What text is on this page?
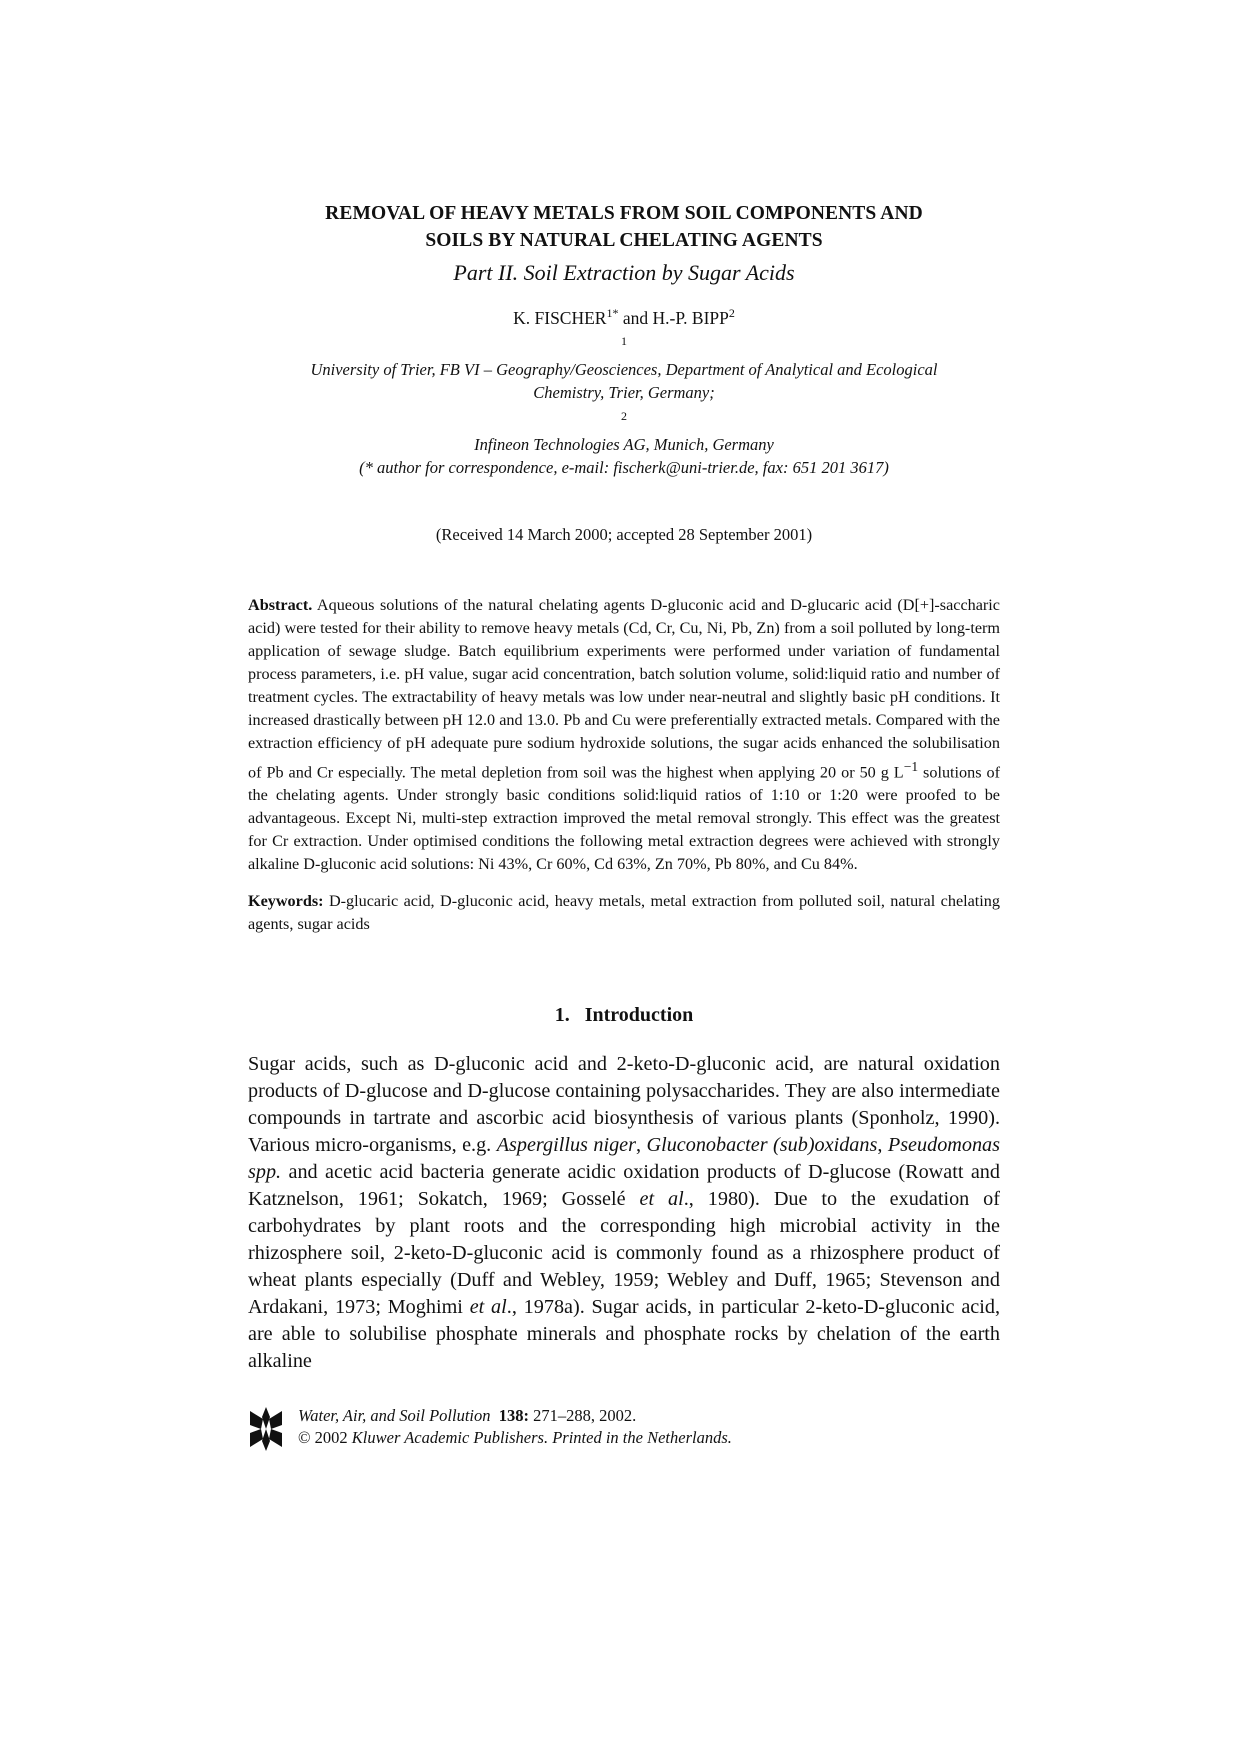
REMOVAL OF HEAVY METALS FROM SOIL COMPONENTS AND
SOILS BY NATURAL CHELATING AGENTS

Part II. Soil Extraction by Sugar Acids

K. $FISCHER^{1*}$ and H.-P. BIPP$^2$

$^1$
University of Trier, FB VI – Geography/Geosciences, Department of Analytical and Ecological
Chemistry, Trier, Germany;
$^2$
Infineon Technologies AG, Munich, Germany
(* author for correspondence, e-mail: fischerk@uni-trier.de, fax: 651 201 3617)

(Received 14 March 2000; accepted 28 September 2001)

Abstract. Aqueous solutions of the natural chelating agents D-gluconic acid and D-glucaric acid (D[+]-saccharic acid) were tested for their ability to remove heavy metals (Cd, Cr, Cu, Ni, Pb, Zn) from a soil polluted by long-term application of sewage sludge. Batch equilibrium experiments were performed under variation of fundamental process parameters, i.e. pH value, sugar acid concentration, batch solution volume, solid:liquid ratio and number of treatment cycles. The extractability of heavy metals was low under near-neutral and slightly basic pH conditions. It increased drastically between pH 12.0 and 13.0. Pb and Cu were preferentially extracted metals. Compared with the extraction efficiency of pH adequate pure sodium hydroxide solutions, the sugar acids enhanced the solubilisation of Pb and Cr especially. The metal depletion from soil was the highest when applying 20 or 50 g $L^{-1}$ solutions of the chelating agents. Under strongly basic conditions solid:liquid ratios of 1:10 or 1:20 were proofed to be advantageous. Except Ni, multi-step extraction improved the metal removal strongly. This effect was the greatest for Cr extraction. Under optimised conditions the following metal extraction degrees were achieved with strongly alkaline D-gluconic acid solutions: Ni 43%, Cr 60%, Cd 63%, Zn 70%, Pb 80%, and Cu 84%.

Keywords: D-glucaric acid, D-gluconic acid, heavy metals, metal extraction from polluted soil, natural chelating agents, sugar acids

1. Introduction

Sugar acids, such as D-gluconic acid and 2-keto-D-gluconic acid, are natural oxidation products of D-glucose and D-glucose containing polysaccharides. They are also intermediate compounds in tartrate and ascorbic acid biosynthesis of various plants (Sponholz, 1990). Various micro-organisms, e.g. Aspergillus niger, Gluconobacter (sub)oxidans, Pseudomonas spp. and acetic acid bacteria generate acidic oxidation products of D-glucose (Rowatt and Katznelson, 1961; Sokatch, 1969; Gosselé et al., 1980). Due to the exudation of carbohydrates by plant roots and the corresponding high microbial activity in the rhizosphere soil, 2-keto-D-gluconic acid is commonly found as a rhizosphere product of wheat plants especially (Duff and Webley, 1959; Webley and Duff, 1965; Stevenson and Ardakani, 1973; Moghimi et al., 1978a). Sugar acids, in particular 2-keto-D-gluconic acid, are able to solubilise phosphate minerals and phosphate rocks by chelation of the earth alkaline

Water, Air, and Soil Pollution 138: 271–288, 2002.
© 2002 Kluwer Academic Publishers. Printed in the Netherlands.
